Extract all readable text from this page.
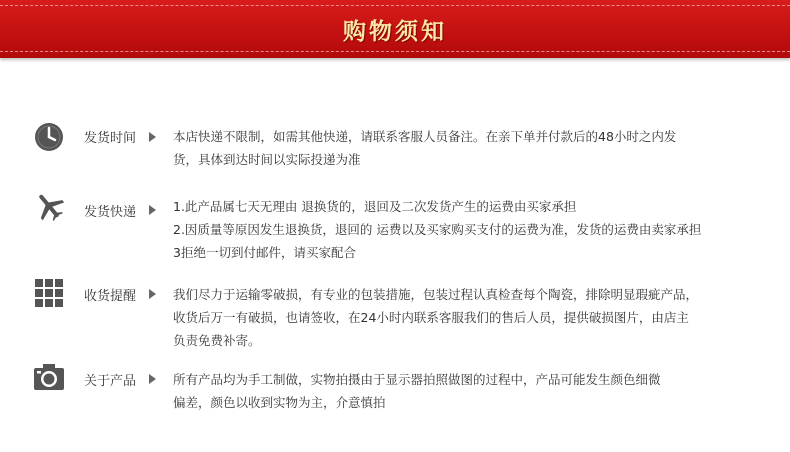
购物须知
发货时间	本店快递不限制，如需其他快递，请联系客服人员备注。在亲下单并付款后的48小时之内发
货，具体到达时间以实际投递为准
发货快递	1.此产品属七天无理由 退换货的，退回及二次发货产生的运费由买家承担
2.因质量等原因发生退换货，退回的 运费以及买家购买支付的运费为准，发货的运费由卖家承担
3拒绝一切到付邮件，请买家配合
收货提醒	我们尽力于运输零破损，有专业的包装措施，包装过程认真检查每个陶瓷，排除明显瑕疵产品，
收货后万一有破损，也请签收，在24小时内联系客服我们的售后人员，提供破损图片，由店主
负责免费补寄。
关于产品	所有产品均为手工制做，实物拍摄由于显示器拍照做图的过程中，产品可能发生颜色细微
偏差，颜色以收到实物为主，介意慎拍
